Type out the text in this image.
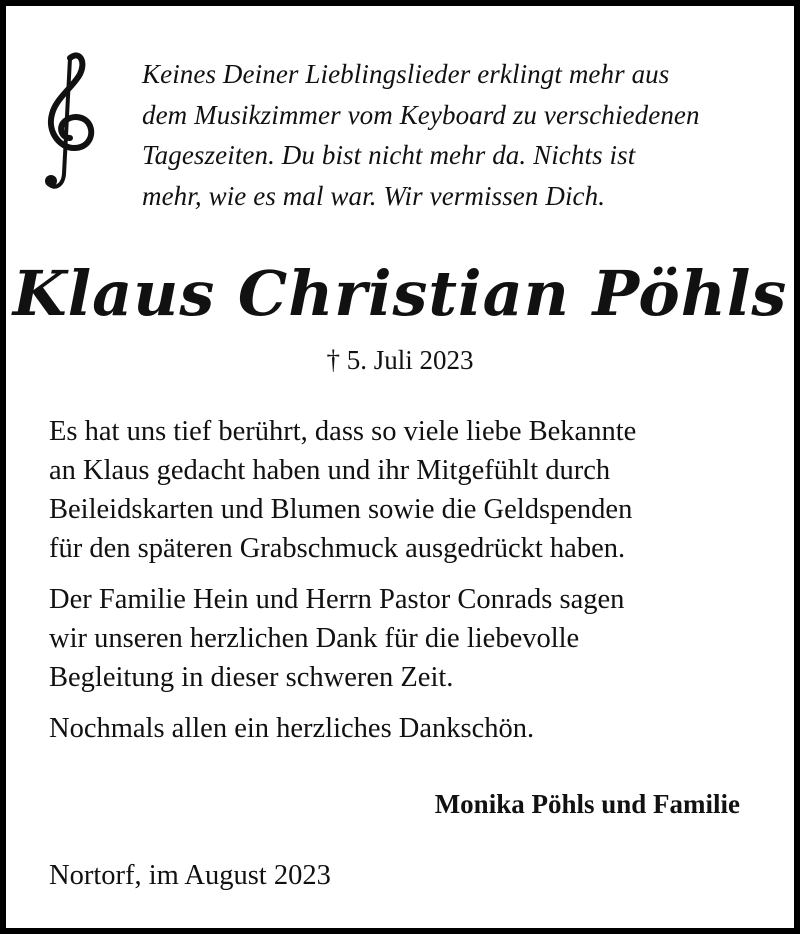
Keines Deiner Lieblingslieder erklingt mehr aus
dem Musikzimmer vom Keyboard zu verschiedenen
Tageszeiten. Du bist nicht mehr da. Nichts ist
mehr, wie es mal war. Wir vermissen Dich.
Klaus Christian Pöhls
† 5. Juli 2023
Es hat uns tief berührt, dass so viele liebe Bekannte
an Klaus gedacht haben und ihr Mitgefühlt durch
Beileidskarten und Blumen sowie die Geldspenden
für den späteren Grabschmuck ausgedrückt haben.
Der Familie Hein und Herrn Pastor Conrads sagen
wir unseren herzlichen Dank für die liebevolle
Begleitung in dieser schweren Zeit.
Nochmals allen ein herzliches Dankschön.
Monika Pöhls und Familie
Nortorf, im August 2023
